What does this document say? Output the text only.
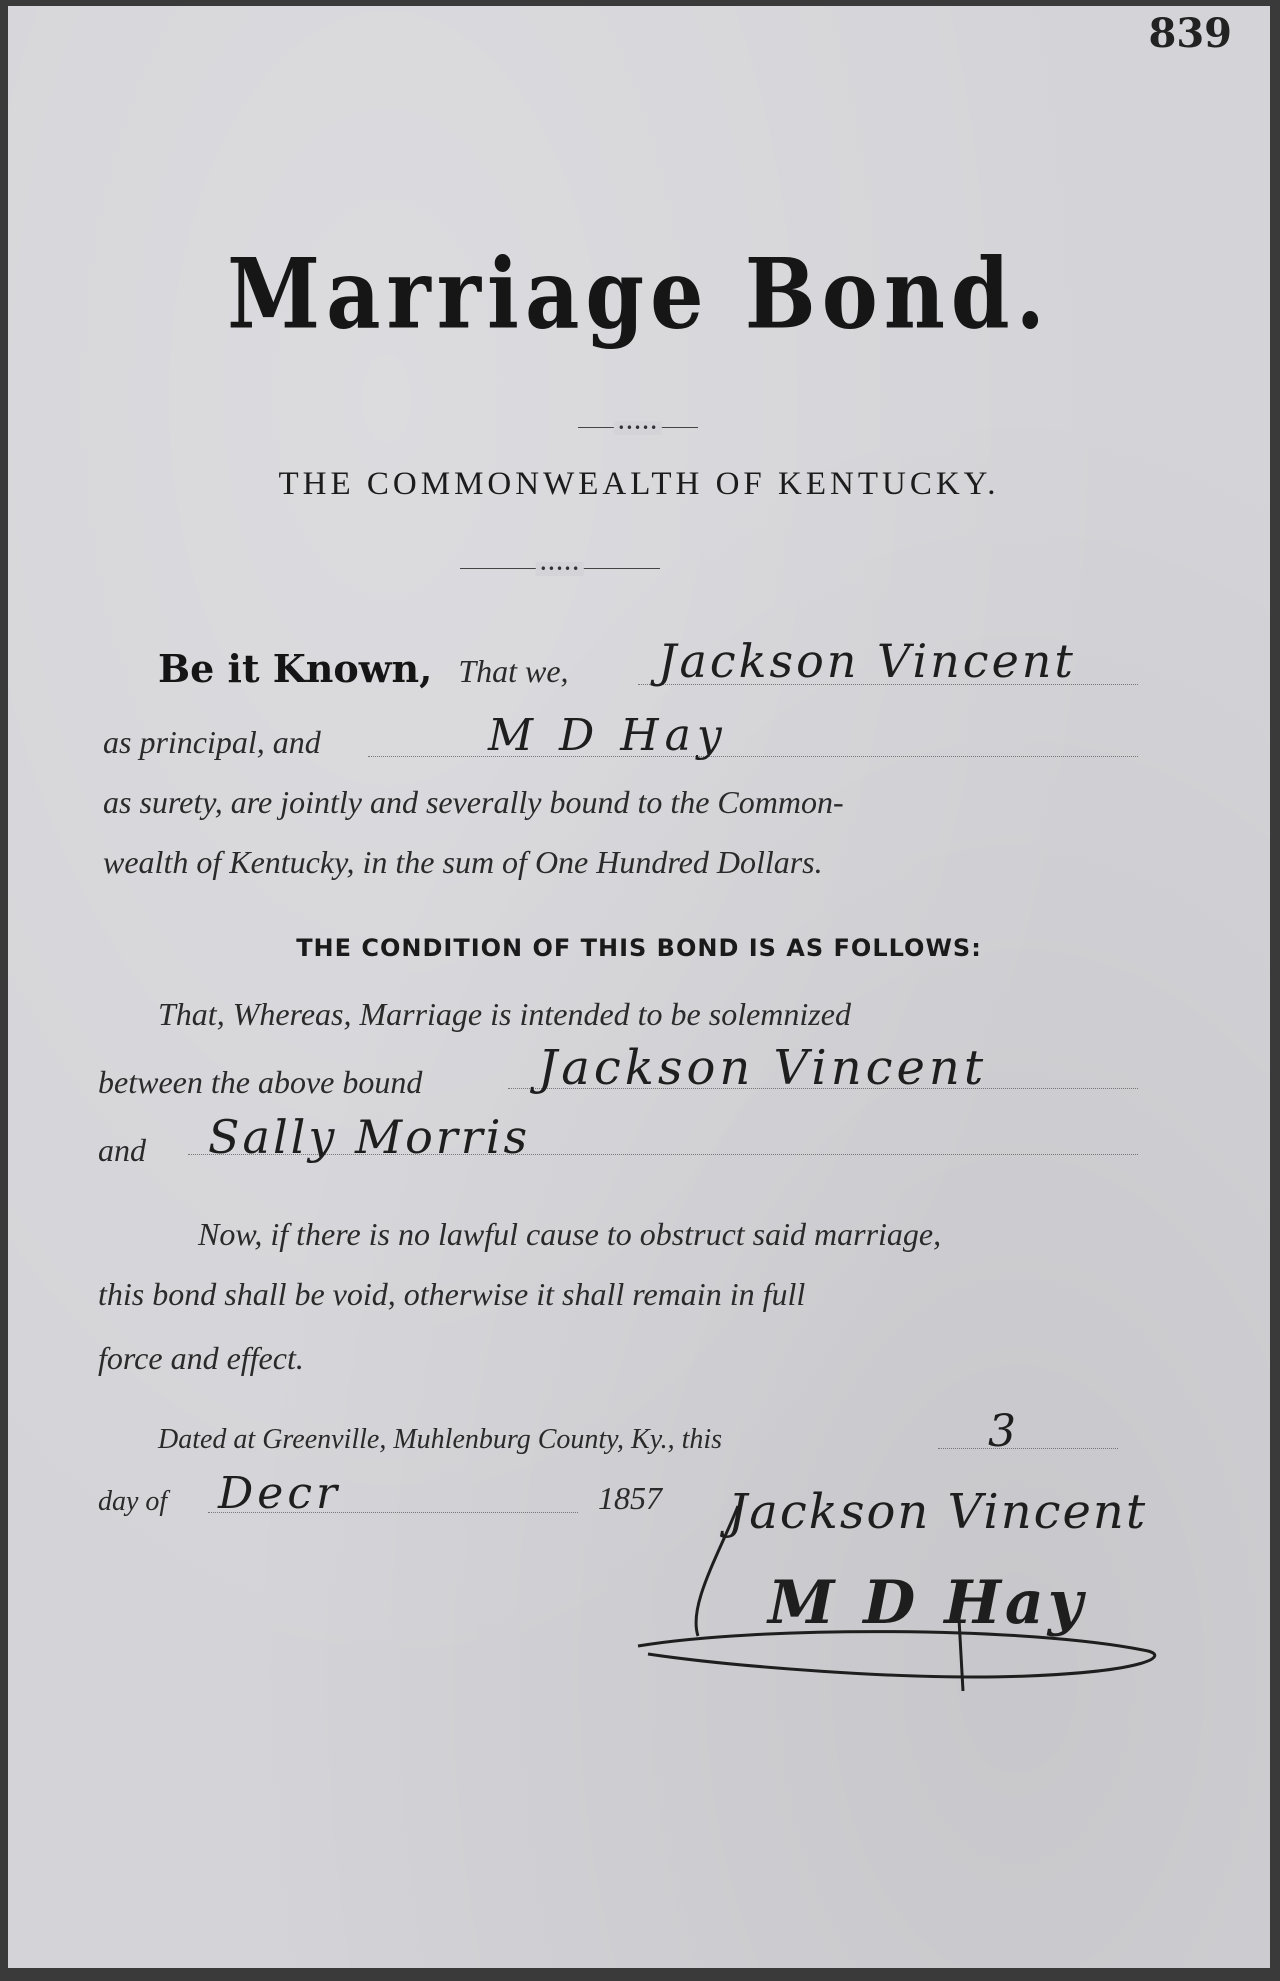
839
Marriage Bond.
•••••
THE COMMONWEALTH OF KENTUCKY.
•••••
Be it Known, That we, Jackson Vincent
as principal, and	M D Hay
as surety, are jointly and severally bound to the Common-
wealth of Kentucky, in the sum of One Hundred Dollars.
THE CONDITION OF THIS BOND IS AS FOLLOWS:
That, Whereas, Marriage is intended to be solemnized
between the above bound Jackson Vincent
and Sally Morris
Now, if there is no lawful cause to obstruct said marriage,
this bond shall be void, otherwise it shall remain in full
force and effect.
Dated at Greenville, Muhlenburg County, Ky., this	3
day of Decr	1857 Jackson Vincent
M D Hay
